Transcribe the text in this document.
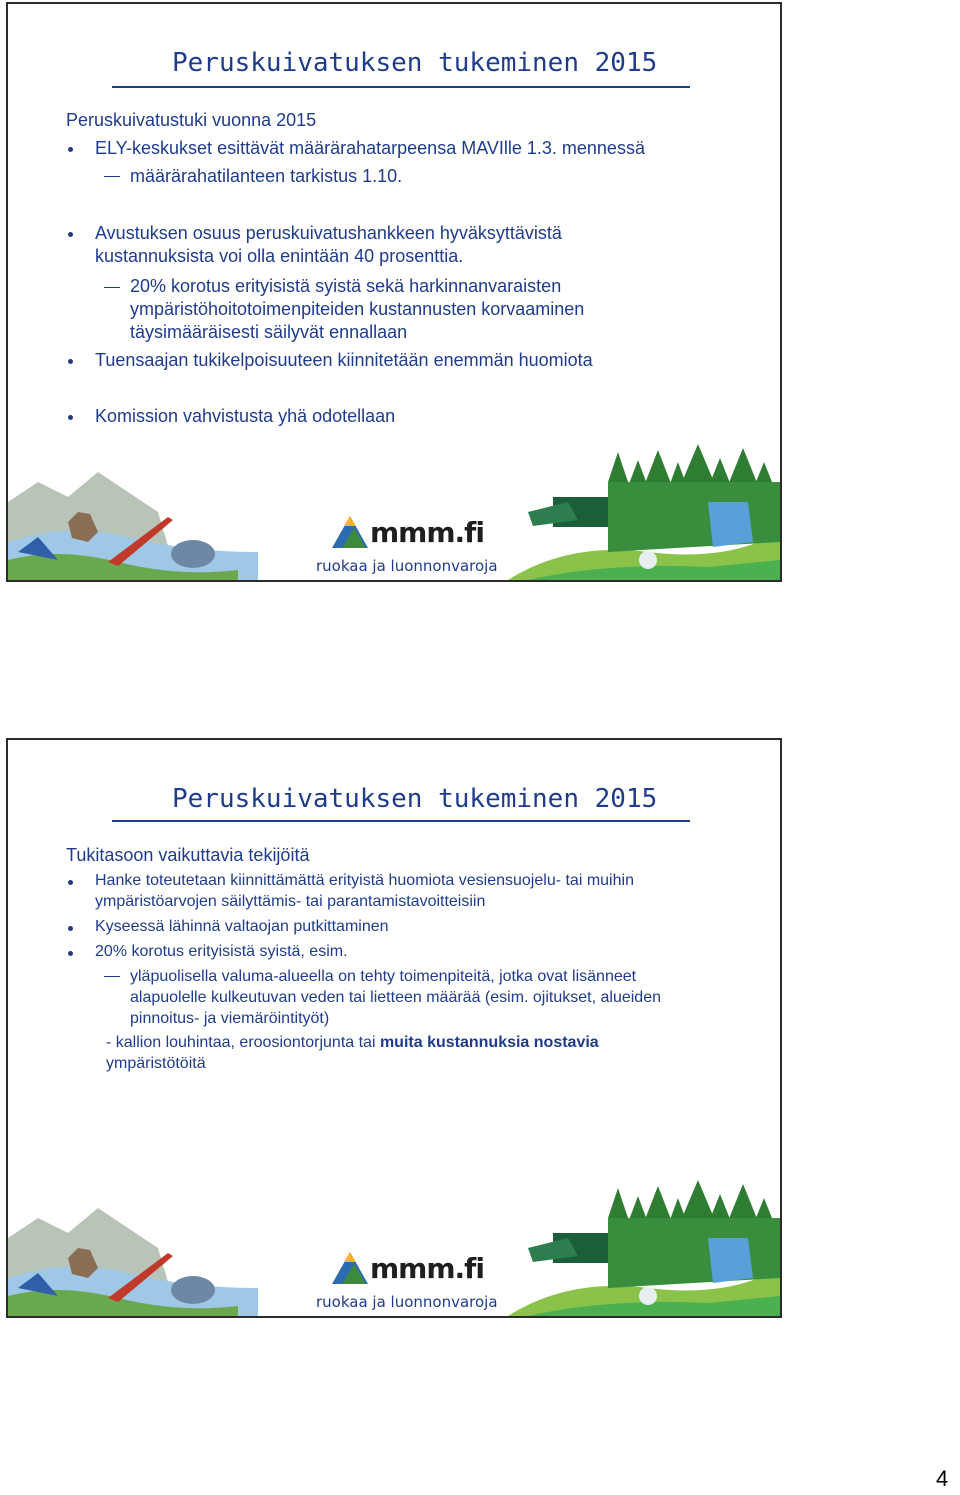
Peruskuivatuksen tukeminen 2015
Peruskuivatustuki vuonna 2015
ELY-keskukset esittävät määrärahatarpeensa MAVIlle 1.3. mennessä
määrärahatilanteen tarkistus 1.10.
Avustuksen osuus peruskuivatushankkeen hyväksyttävistä
kustannuksista voi olla enintään 40 prosenttia.
20% korotus erityisistä syistä sekä harkinnanvaraisten
ympäristöhoitotoimenpiteiden kustannusten korvaaminen
täysimääräisesti säilyvät ennallaan
Tuensaajan tukikelpoisuuteen kiinnitetään enemmän huomiota
Komission vahvistusta yhä odotellaan
mmm.fi
ruokaa ja luonnonvaroja
Peruskuivatuksen tukeminen 2015
Tukitasoon vaikuttavia tekijöitä
Hanke toteutetaan kiinnittämättä erityistä huomiota vesiensuojelu- tai muihin
ympäristöarvojen säilyttämis- tai parantamistavoitteisiin
Kyseessä lähinnä valtaojan putkittaminen
20% korotus erityisistä syistä, esim.
yläpuolisella valuma-alueella on tehty toimenpiteitä, jotka ovat lisänneet
alapuolelle kulkeutuvan veden tai lietteen määrää (esim. ojitukset, alueiden
pinnoitus- ja viemäröintityöt)
- kallion louhintaa, eroosiontorjunta tai muita kustannuksia nostavia
ympäristötöitä
mmm.fi
ruokaa ja luonnonvaroja
4
